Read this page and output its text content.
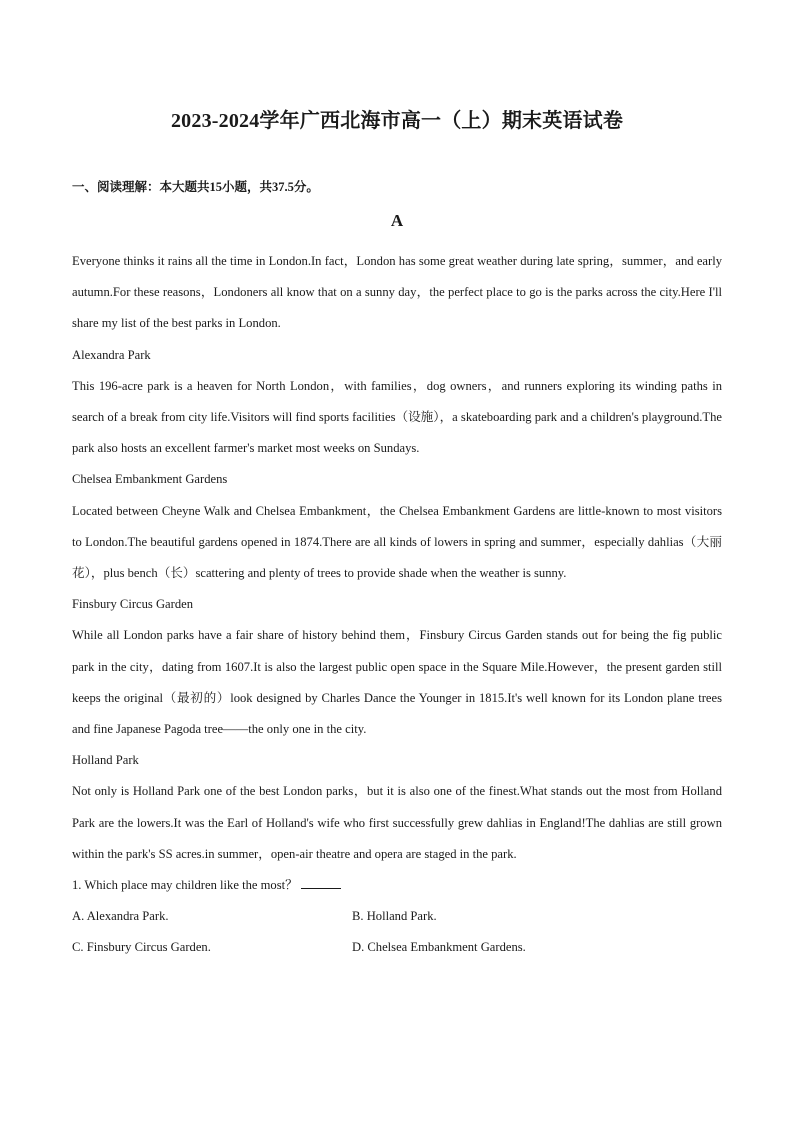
2023-2024学年广西北海市高一（上）期末英语试卷
一、阅读理解：本大题共15小题，共37.5分。
A

Everyone thinks it rains all the time in London.In fact，London has some great weather during late spring，summer，and early autumn.For these reasons，Londoners all know that on a sunny day，the perfect place to go is the parks across the city.Here I'll share my list of the best parks in London.

Alexandra Park

This 196-acre park is a heaven for North London，with families，dog owners，and runners exploring its winding paths in search of a break from city life.Visitors will find sports facilities（设施），a skateboarding park and a children's playground.The park also hosts an excellent farmer's market most weeks on Sundays.

Chelsea Embankment Gardens

Located between Cheyne Walk and Chelsea Embankment，the Chelsea Embankment Gardens are little-known to most visitors to London.The beautiful gardens opened in 1874.There are all kinds of lowers in spring and summer，especially dahlias（大丽花），plus bench（长）scattering and plenty of trees to provide shade when the weather is sunny.

Finsbury Circus Garden

While all London parks have a fair share of history behind them，Finsbury Circus Garden stands out for being the fig public park in the city，dating from 1607.It is also the largest public open space in the Square Mile.However，the present garden still keeps the original（最初的）look designed by Charles Dance the Younger in 1815.It's well known for its London plane trees and fine Japanese Pagoda tree——the only one in the city.

Holland Park

Not only is Holland Park one of the best London parks，but it is also one of the finest.What stands out the most from Holland Park are the lowers.It was the Earl of Holland's wife who first successfully grew dahlias in England!The dahlias are still grown within the park's SS acres.in summer，open-air theatre and opera are staged in the park.

1. Which place may children like the most？

A. Alexandra Park.	B. Holland Park.
C. Finsbury Circus Garden.	D. Chelsea Embankment Gardens.
